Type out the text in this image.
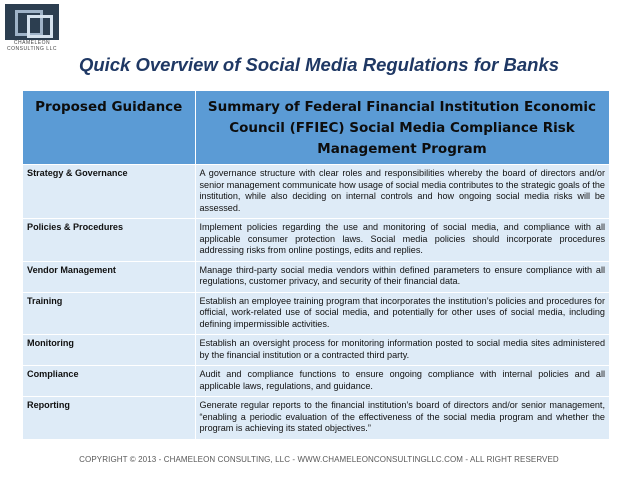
CHAMELEON
CONSULTING LLC
Quick Overview of Social Media Regulations for Banks
Proposed Guidance	Summary of Federal Financial Institution Economic Council (FFIEC) Social Media Compliance Risk Management Program
Strategy & Governance	A governance structure with clear roles and responsibilities whereby the board of directors and/or senior management communicate how usage of social media contributes to the strategic goals of the institution, while also deciding on internal controls and how ongoing social media risks will be assessed.
Policies & Procedures	Implement policies regarding the use and monitoring of social media, and compliance with all applicable consumer protection laws. Social media policies should incorporate procedures addressing risks from online postings, edits and replies.
Vendor Management	Manage third-party social media vendors within defined parameters to ensure compliance with all regulations, customer privacy, and security of their financial data.
Training	Establish an employee training program that incorporates the institution’s policies and procedures for official, work-related use of social media, and potentially for other uses of social media, including defining impermissible activities.
Monitoring	Establish an oversight process for monitoring information posted to social media sites administered by the financial institution or a contracted third party.
Compliance	Audit and compliance functions to ensure ongoing compliance with internal policies and all applicable laws, regulations, and guidance.
Reporting	Generate regular reports to the financial institution’s board of directors and/or senior management, “enabling a periodic evaluation of the effectiveness of the social media program and whether the program is achieving its stated objectives.”
COPYRIGHT © 2013 - CHAMELEON CONSULTING, LLC - WWW.CHAMELEONCONSULTINGLLC.COM - ALL RIGHT RESERVED
